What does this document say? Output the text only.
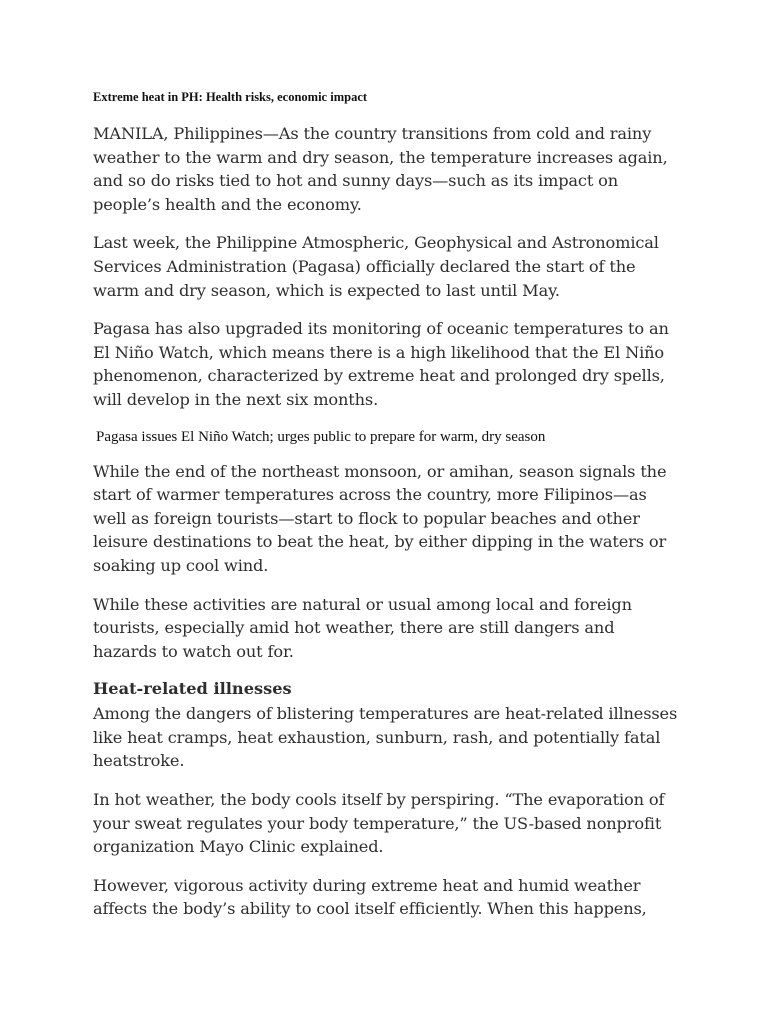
Extreme heat in PH: Health risks, economic impact

MANILA, Philippines—As the country transitions from cold and rainy weather to the warm and dry season, the temperature increases again, and so do risks tied to hot and sunny days—such as its impact on people’s health and the economy.

Last week, the Philippine Atmospheric, Geophysical and Astronomical Services Administration (Pagasa) officially declared the start of the warm and dry season, which is expected to last until May.

Pagasa has also upgraded its monitoring of oceanic temperatures to an El Niño Watch, which means there is a high likelihood that the El Niño phenomenon, characterized by extreme heat and prolonged dry spells, will develop in the next six months.

Pagasa issues El Niño Watch; urges public to prepare for warm, dry season

While the end of the northeast monsoon, or amihan, season signals the start of warmer temperatures across the country, more Filipinos—as well as foreign tourists—start to flock to popular beaches and other leisure destinations to beat the heat, by either dipping in the waters or soaking up cool wind.

While these activities are natural or usual among local and foreign tourists, especially amid hot weather, there are still dangers and hazards to watch out for.

Heat-related illnesses

Among the dangers of blistering temperatures are heat-related illnesses like heat cramps, heat exhaustion, sunburn, rash, and potentially fatal heatstroke.

In hot weather, the body cools itself by perspiring. “The evaporation of your sweat regulates your body temperature,” the US-based nonprofit organization Mayo Clinic explained.

However, vigorous activity during extreme heat and humid weather affects the body’s ability to cool itself efficiently. When this happens,
